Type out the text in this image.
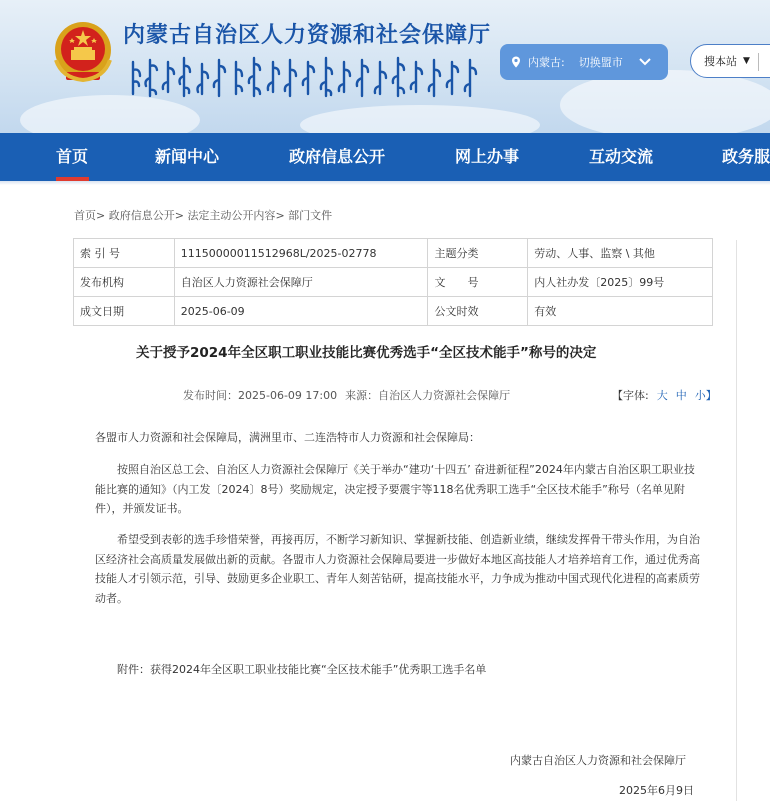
内蒙古自治区人力资源和社会保障厅
内蒙古: 切换盟市	搜本站 ▼
首页	新闻中心	政府信息公开	网上办事	互动交流	政务服
首页> 政府信息公开> 法定主动公开内容> 部门文件
索 引 号	11150000011512968L/2025-02778	主题分类	劳动、人事、监察 \ 其他
发布机构	自治区人力资源社会保障厅	文　　号	内人社办发〔2025〕99号
成文日期	2025-06-09	公文时效	有效
关于授予2024年全区职工职业技能比赛优秀选手“全区技术能手”称号的决定
发布时间：2025-06-09 17:00 来源：自治区人力资源社会保障厅	【字体: 大 中 小】
各盟市人力资源和社会保障局，满洲里市、二连浩特市人力资源和社会保障局：
按照自治区总工会、自治区人力资源社会保障厅《关于举办“建功‘十四五’ 奋进新征程”2024年内蒙古自治区职工职业技能比赛的通知》（内工发〔2024〕8号）奖励规定，决定授予要震宇等118名优秀职工选手“全区技术能手”称号（名单见附件），并颁发证书。
希望受到表彰的选手珍惜荣誉，再接再厉，不断学习新知识、掌握新技能、创造新业绩，继续发挥骨干带头作用，为自治区经济社会高质量发展做出新的贡献。各盟市人力资源社会保障局要进一步做好本地区高技能人才培养培育工作，通过优秀高技能人才引领示范，引导、鼓励更多企业职工、青年人刻苦钻研，提高技能水平，力争成为推动中国式现代化进程的高素质劳动者。
附件：获得2024年全区职工职业技能比赛“全区技术能手”优秀职工选手名单
内蒙古自治区人力资源和社会保障厅
2025年6月9日
